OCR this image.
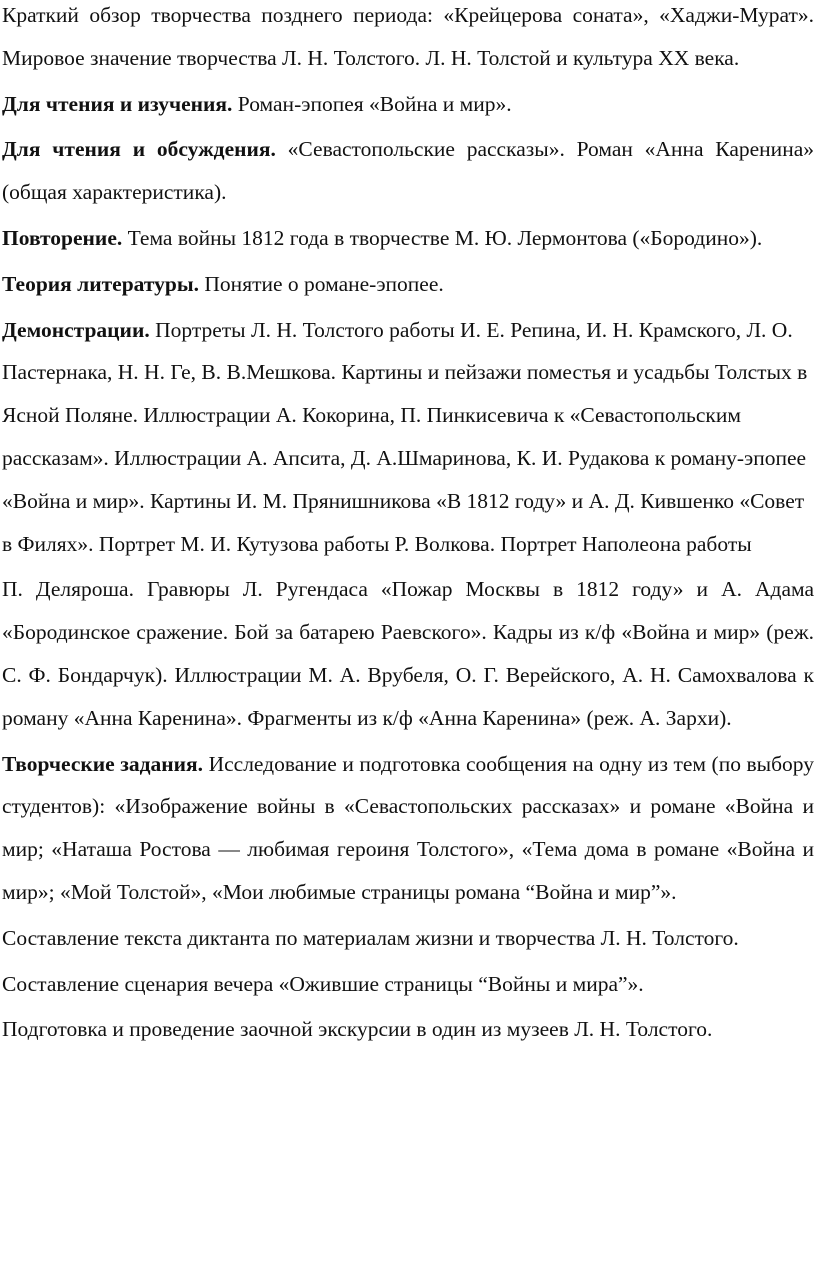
Краткий обзор творчества позднего периода: «Крейцерова соната», «Хаджи-Мурат». Мировое значение творчества Л. Н. Толстого. Л. Н. Толстой и культура XX века.

Для чтения и изучения. Роман-эпопея «Война и мир».

Для чтения и обсуждения. «Севастопольские рассказы». Роман «Анна Каренина» (общая характеристика).

Повторение. Тема войны 1812 года в творчестве М. Ю. Лермонтова («Бородино»).

Теория литературы. Понятие о романе-эпопее.

Демонстрации. Портреты Л. Н. Толстого работы И. Е. Репина, И. Н. Крамского, Л. О. Пастернака, Н. Н. Ге, В. В.Мешкова. Картины и пейзажи поместья и усадьбы Толстых в Ясной Поляне. Иллюстрации А. Кокорина, П. Пинкисевича к «Севастопольским рассказам». Иллюстрации А. Апсита, Д. А.Шмаринова, К. И. Рудакова к роману-эпопее «Война и мир». Картины И. М. Прянишникова «В 1812 году» и А. Д. Кившенко «Совет в Филях». Портрет М. И. Кутузова работы Р. Волкова. Портрет Наполеона работы

П. Деляроша. Гравюры Л. Ругендаса «Пожар Москвы в 1812 году» и А. Адама «Бородинское сражение. Бой за батарею Раевского». Кадры из к/ф «Война и мир» (реж. С. Ф. Бондарчук). Иллюстрации М. А. Врубеля, О. Г. Верейского, А. Н. Самохвалова к роману «Анна Каренина». Фрагменты из к/ф «Анна Каренина» (реж. А. Зархи).

Творческие задания. Исследование и подготовка сообщения на одну из тем (по выбору студентов): «Изображение войны в «Севастопольских рассказах» и романе «Война и мир; «Наташа Ростова — любимая героиня Толстого», «Тема дома в романе «Война и мир»; «Мой Толстой», «Мои любимые страницы романа “Война и мир”».

Составление текста диктанта по материалам жизни и творчества Л. Н. Толстого.

Составление сценария вечера «Ожившие страницы “Войны и мира”».

Подготовка и проведение заочной экскурсии в один из музеев Л. Н. Толстого.
